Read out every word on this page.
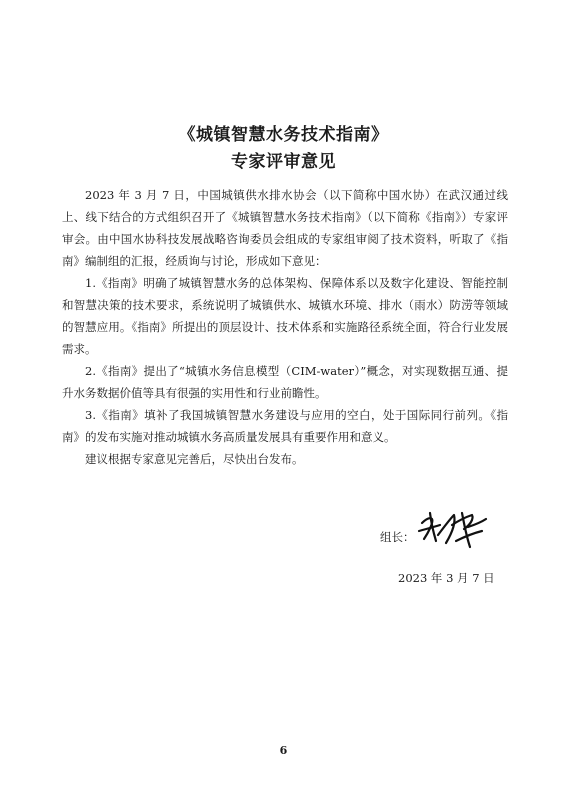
《城镇智慧水务技术指南》
专家评审意见

2023 年 3 月 7 日，中国城镇供水排水协会（以下简称中国水协）在武汉通过线上、线下结合的方式组织召开了《城镇智慧水务技术指南》（以下简称《指南》）专家评审会。由中国水协科技发展战略咨询委员会组成的专家组审阅了技术资料，听取了《指南》编制组的汇报，经质询与讨论，形成如下意见：

1.《指南》明确了城镇智慧水务的总体架构、保障体系以及数字化建设、智能控制和智慧决策的技术要求，系统说明了城镇供水、城镇水环境、排水（雨水）防涝等领域的智慧应用。《指南》所提出的顶层设计、技术体系和实施路径系统全面，符合行业发展需求。

2.《指南》提出了“城镇水务信息模型（CIM-water）”概念，对实现数据互通、提升水务数据价值等具有很强的实用性和行业前瞻性。

3.《指南》填补了我国城镇智慧水务建设与应用的空白，处于国际同行前列。《指南》的发布实施对推动城镇水务高质量发展具有重要作用和意义。

建议根据专家意见完善后，尽快出台发布。

组长：
2023 年 3 月 7 日
6
